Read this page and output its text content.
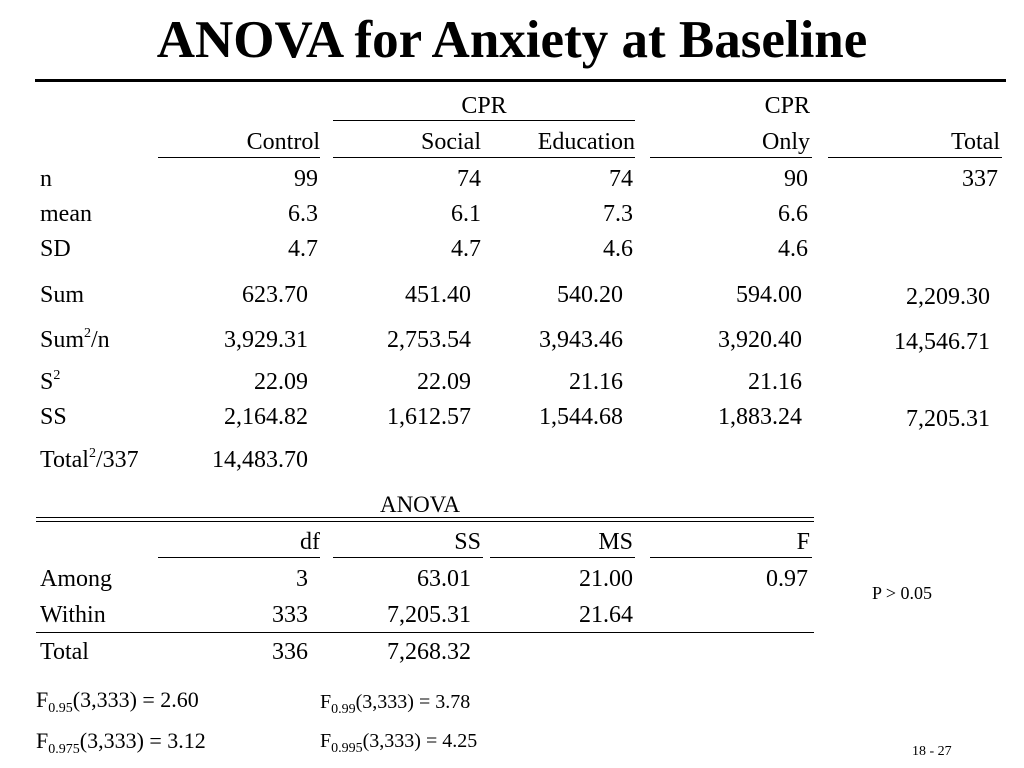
ANOVA for Anxiety at Baseline
CPR	CPR
Control	Social	Education	Only	Total
n	99	74	74	90	337
mean	6.3	6.1	7.3	6.6
SD	4.7	4.7	4.6	4.6
Sum	623.70	451.40	540.20	594.00	2,209.30
Sum$^2$/n	3,929.31	2,753.54	3,943.46	3,920.40	14,546.71
$S^2$	22.09	22.09	21.16	21.16
SS	2,164.82	1,612.57	1,544.68	1,883.24	7,205.31
Total$^2$/337	14,483.70
ANOVA
df	SS	MS	F
Among	3	63.01	21.00	0.97
Within	333	7,205.31	21.64
Total	336	7,268.32
P > 0.05
$F_{0.95}(3,333) = 2.60$	$F_{0.99}(3,333) = 3.78$
$F_{0.975}(3,333) = 3.12$	$F_{0.995}(3,333) = 4.25$	18 - 27
